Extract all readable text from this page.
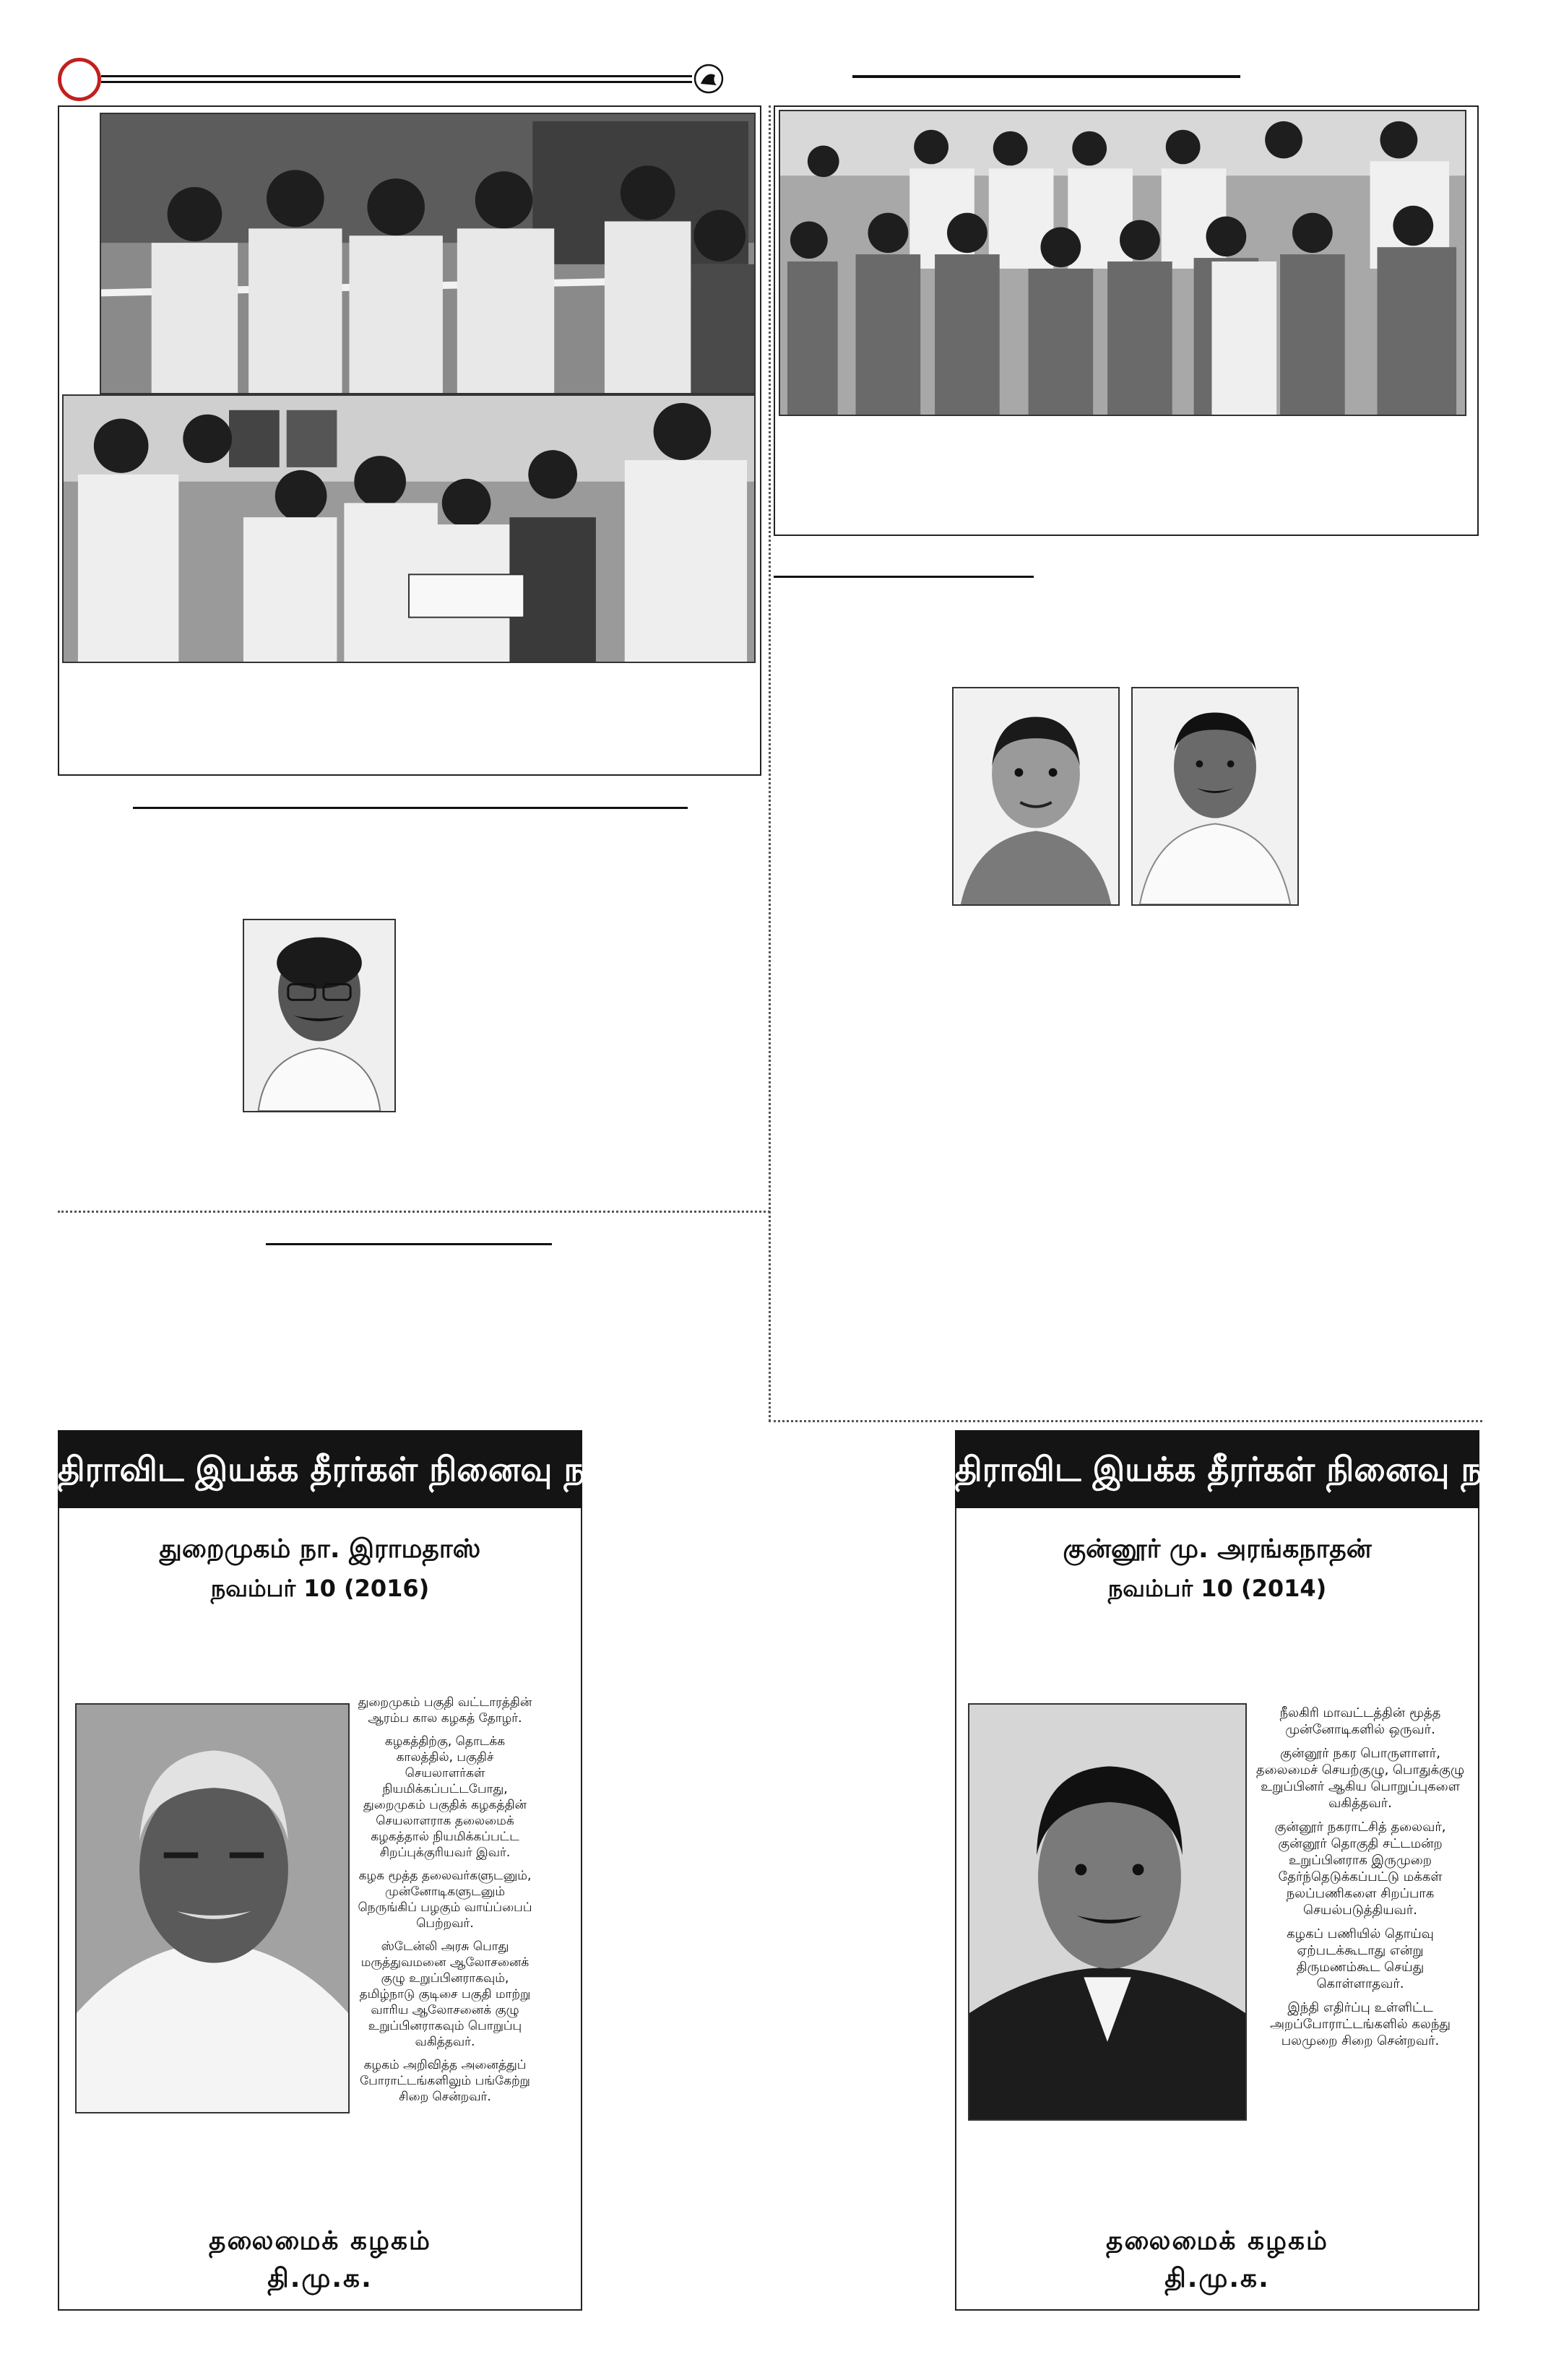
திராவிட இயக்க தீரர்கள் நினைவு நாள்
துறைமுகம் நா. இராமதாஸ்
நவம்பர் 10 (2016)

துறைமுகம் பகுதி வட்டாரத்தின் ஆரம்ப கால கழகத் தோழர்.

கழகத்திற்கு, தொடக்க காலத்தில், பகுதிச் செயலாளர்கள் நியமிக்கப்பட்டபோது, துறைமுகம் பகுதிக் கழகத்தின் செயலாளராக தலைமைக் கழகத்தால் நியமிக்கப்பட்ட சிறப்புக்குரியவர் இவர்.

கழக மூத்த தலைவர்களுடனும், முன்னோடிகளுடனும் நெருங்கிப் பழகும் வாய்ப்பைப் பெற்றவர்.

ஸ்டேன்லி அரசு பொது மருத்துவமனை ஆலோசனைக் குழு உறுப்பினராகவும், தமிழ்நாடு குடிசை பகுதி மாற்று வாரிய ஆலோசனைக் குழு உறுப்பினராகவும் பொறுப்பு வகித்தவர்.

கழகம் அறிவித்த அனைத்துப் போராட்டங்களிலும் பங்கேற்று சிறை சென்றவர்.

தலைமைக் கழகம்
தி.மு.க.
திராவிட இயக்க தீரர்கள் நினைவு நாள்
குன்னூர் மு. அரங்கநாதன்
நவம்பர் 10 (2014)

நீலகிரி மாவட்டத்தின் மூத்த முன்னோடிகளில் ஒருவர்.

குன்னூர் நகர பொருளாளர், தலைமைச் செயற்குழு, பொதுக்குழு உறுப்பினர் ஆகிய பொறுப்புகளை வகித்தவர்.

குன்னூர் நகராட்சித் தலைவர், குன்னூர் தொகுதி சட்டமன்ற உறுப்பினராக இருமுறை தேர்ந்தெடுக்கப்பட்டு மக்கள் நலப்பணிகளை சிறப்பாக செயல்படுத்தியவர்.

கழகப் பணியில் தொய்வு ஏற்படக்கூடாது என்று திருமணம்கூட செய்து கொள்ளாதவர்.

இந்தி எதிர்ப்பு உள்ளிட்ட அறப்போராட்டங்களில் கலந்து பலமுறை சிறை சென்றவர்.

தலைமைக் கழகம்
தி.மு.க.
